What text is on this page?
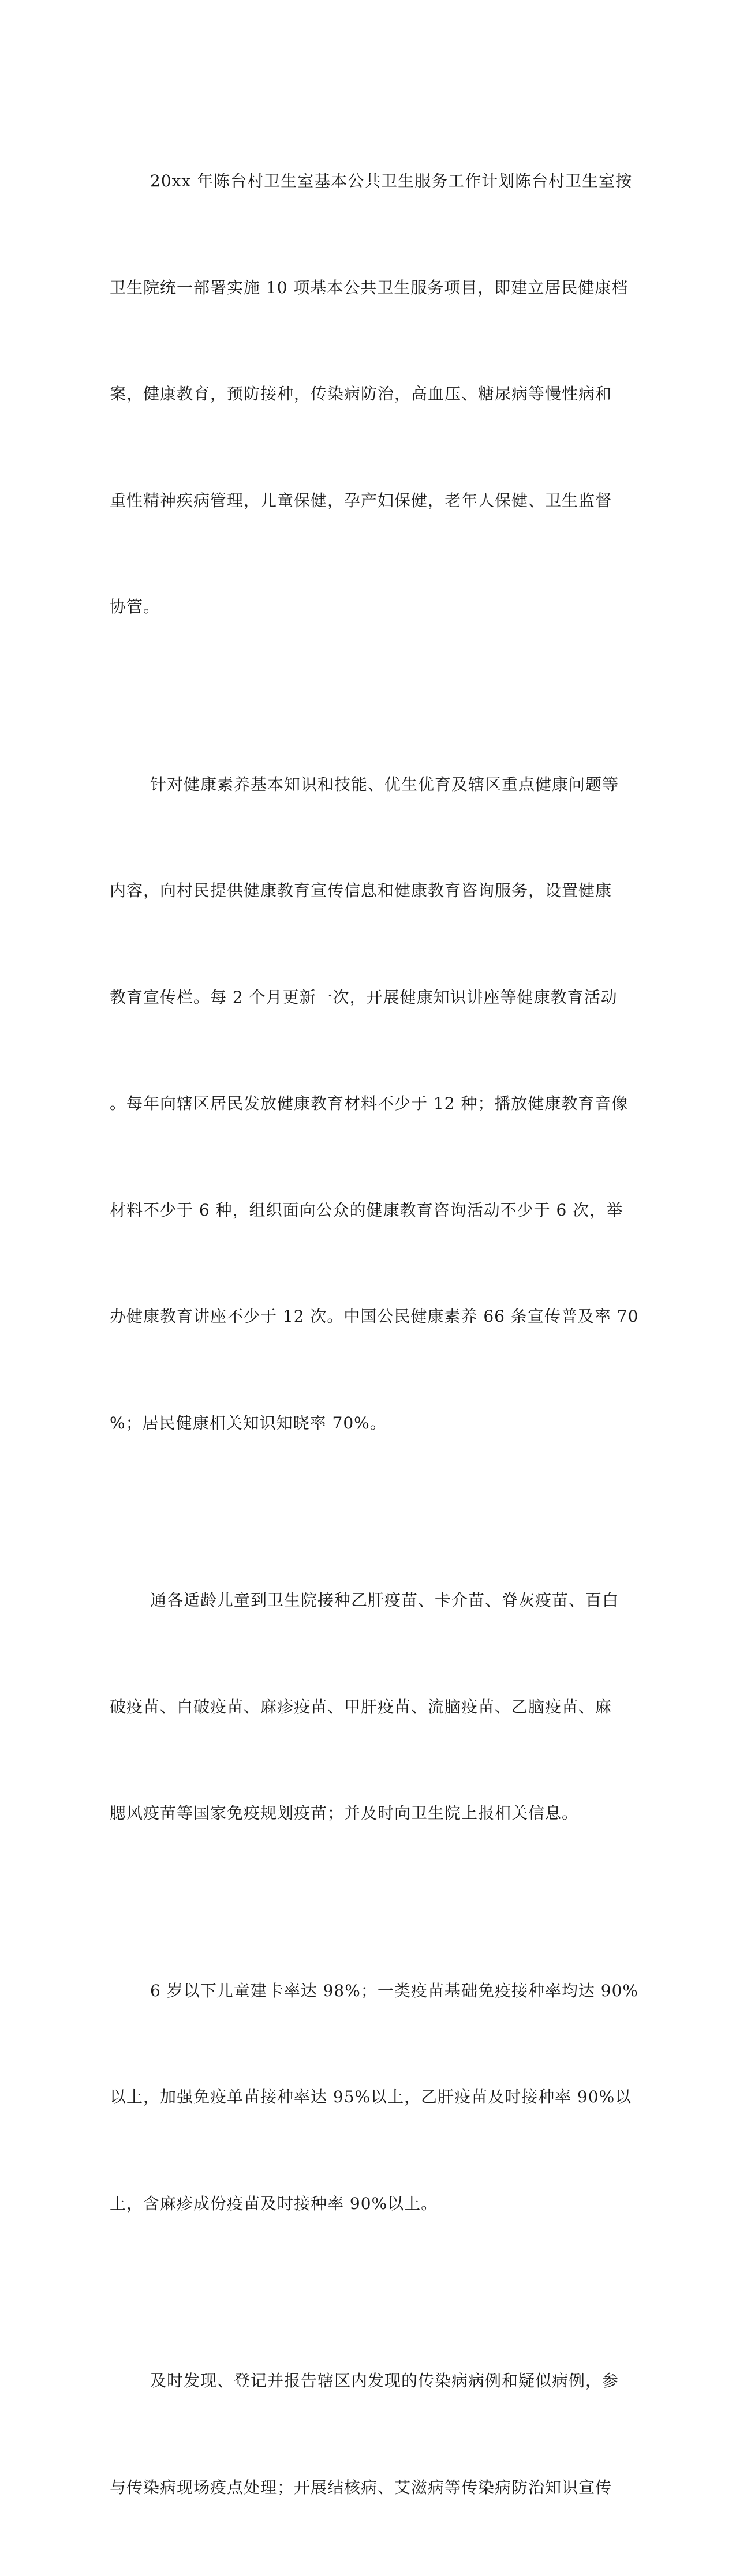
20xx 年陈台村卫生室基本公共卫生服务工作计划陈台村卫生室按

卫生院统一部署实施 10 项基本公共卫生服务项目，即建立居民健康档

案，健康教育，预防接种，传染病防治，高血压、糖尿病等慢性病和

重性精神疾病管理，儿童保健，孕产妇保健，老年人保健、卫生监督

协管。

针对健康素养基本知识和技能、优生优育及辖区重点健康问题等

内容，向村民提供健康教育宣传信息和健康教育咨询服务，设置健康

教育宣传栏。每 2 个月更新一次，开展健康知识讲座等健康教育活动

。每年向辖区居民发放健康教育材料不少于 12 种；播放健康教育音像

材料不少于 6 种，组织面向公众的健康教育咨询活动不少于 6 次，举

办健康教育讲座不少于 12 次。中国公民健康素养 66 条宣传普及率 70

%；居民健康相关知识知晓率 70%。

通各适龄儿童到卫生院接种乙肝疫苗、卡介苗、脊灰疫苗、百白

破疫苗、白破疫苗、麻疹疫苗、甲肝疫苗、流脑疫苗、乙脑疫苗、麻

腮风疫苗等国家免疫规划疫苗；并及时向卫生院上报相关信息。

6 岁以下儿童建卡率达 98%；一类疫苗基础免疫接种率均达 90%

以上，加强免疫单苗接种率达 95%以上，乙肝疫苗及时接种率 90%以

上，含麻疹成份疫苗及时接种率 90%以上。

及时发现、登记并报告辖区内发现的传染病病例和疑似病例，参

与传染病现场疫点处理；开展结核病、艾滋病等传染病防治知识宣传
